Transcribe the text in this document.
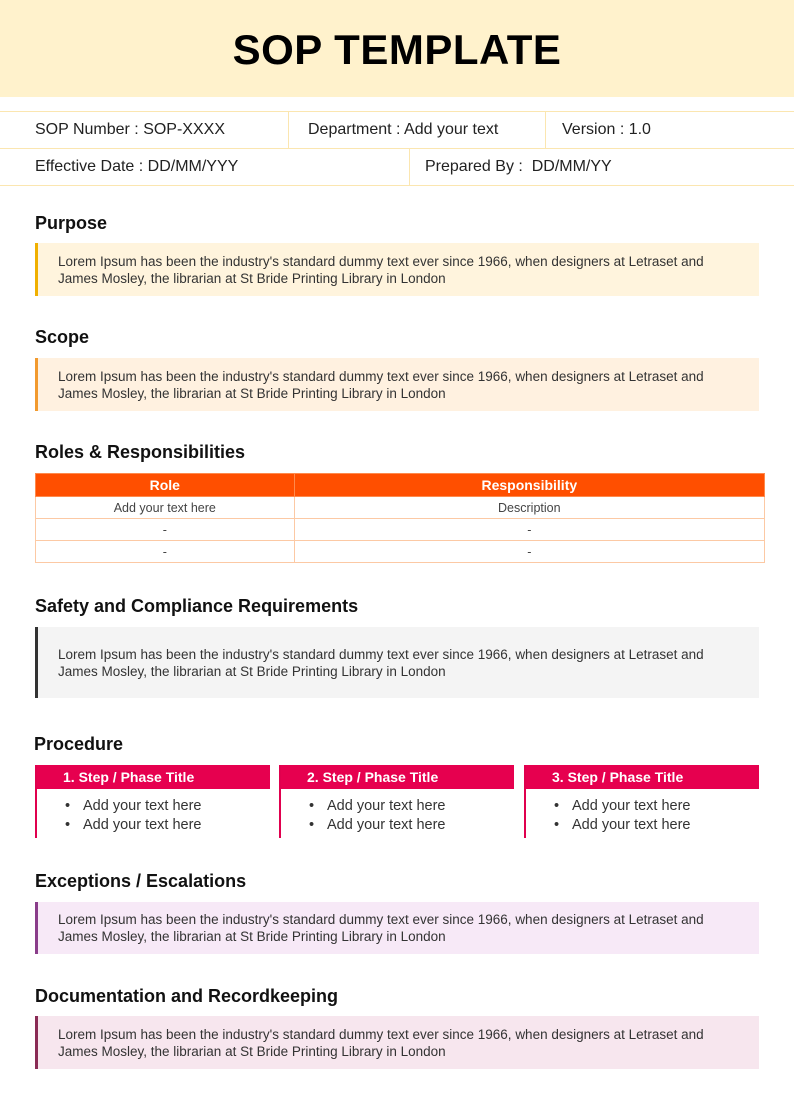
SOP TEMPLATE
SOP Number : SOP-XXXX	Department : Add your text	Version : 1.0
Effective Date : DD/MM/YYY	Prepared By :  DD/MM/YY
Purpose
Lorem Ipsum has been the industry's standard dummy text ever since 1966, when designers at Letraset and James Mosley, the librarian at St Bride Printing Library in London
Scope
Lorem Ipsum has been the industry's standard dummy text ever since 1966, when designers at Letraset and James Mosley, the librarian at St Bride Printing Library in London
Roles & Responsibilities
Role	Responsibility
Add your text here	Description
-	-
-	-
Safety and Compliance Requirements
Lorem Ipsum has been the industry's standard dummy text ever since 1966, when designers at Letraset and James Mosley, the librarian at St Bride Printing Library in London
Procedure
1. Step / Phase Title
• Add your text here
• Add your text here
2. Step / Phase Title
• Add your text here
• Add your text here
3. Step / Phase Title
• Add your text here
• Add your text here
Exceptions / Escalations
Lorem Ipsum has been the industry's standard dummy text ever since 1966, when designers at Letraset and James Mosley, the librarian at St Bride Printing Library in London
Documentation and Recordkeeping
Lorem Ipsum has been the industry's standard dummy text ever since 1966, when designers at Letraset and James Mosley, the librarian at St Bride Printing Library in London
